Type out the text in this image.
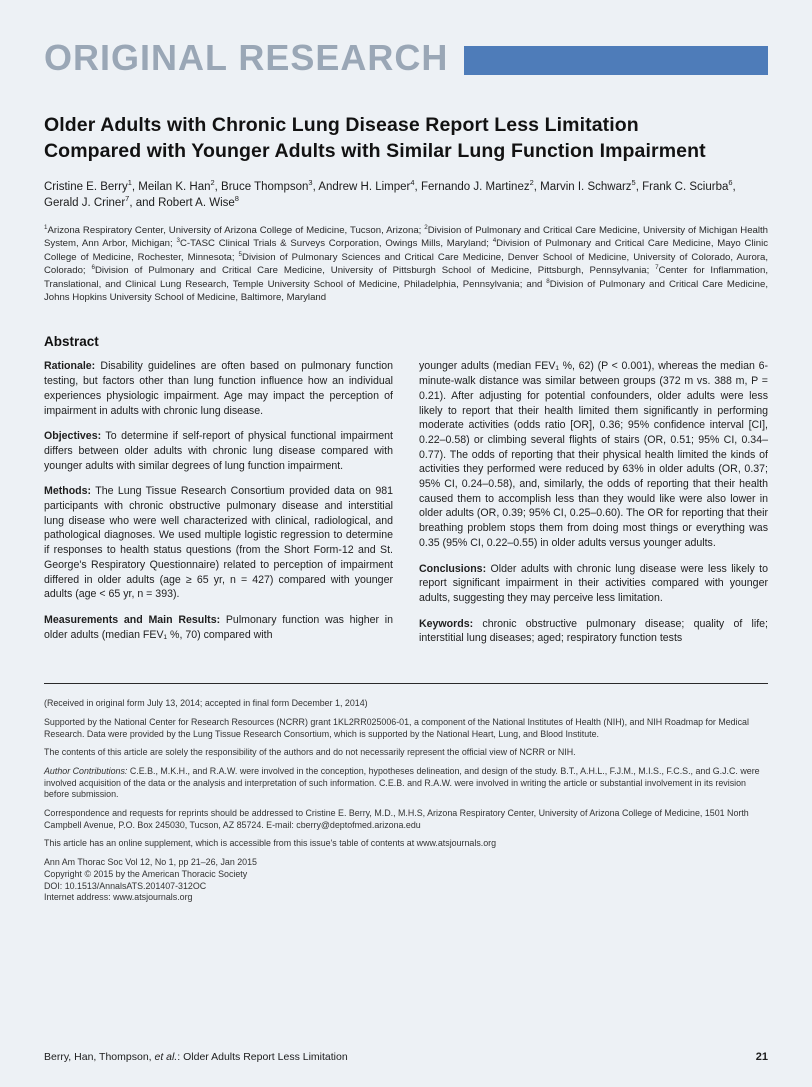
ORIGINAL RESEARCH
Older Adults with Chronic Lung Disease Report Less Limitation
Compared with Younger Adults with Similar Lung Function Impairment
Cristine E. Berry$^1$, Meilan K. Han$^2$, Bruce Thompson$^3$, Andrew H. Limper$^4$, Fernando J. Martinez$^2$, Marvin I. Schwarz$^5$, Frank C. Sciurba$^6$, Gerald J. Criner$^7$, and Robert A. Wise$^8$
$^1$Arizona Respiratory Center, University of Arizona College of Medicine, Tucson, Arizona; $^2$Division of Pulmonary and Critical Care Medicine, University of Michigan Health System, Ann Arbor, Michigan; $^3$C-TASC Clinical Trials & Surveys Corporation, Owings Mills, Maryland; $^4$Division of Pulmonary and Critical Care Medicine, Mayo Clinic College of Medicine, Rochester, Minnesota; $^5$Division of Pulmonary Sciences and Critical Care Medicine, Denver School of Medicine, University of Colorado, Aurora, Colorado; $^6$Division of Pulmonary and Critical Care Medicine, University of Pittsburgh School of Medicine, Pittsburgh, Pennsylvania; $^7$Center for Inflammation, Translational, and Clinical Lung Research, Temple University School of Medicine, Philadelphia, Pennsylvania; and $^8$Division of Pulmonary and Critical Care Medicine, Johns Hopkins University School of Medicine, Baltimore, Maryland
Abstract

Rationale: Disability guidelines are often based on pulmonary function testing, but factors other than lung function influence how an individual experiences physiologic impairment. Age may impact the perception of impairment in adults with chronic lung disease.

Objectives: To determine if self-report of physical functional impairment differs between older adults with chronic lung disease compared with younger adults with similar degrees of lung function impairment.

Methods: The Lung Tissue Research Consortium provided data on 981 participants with chronic obstructive pulmonary disease and interstitial lung disease who were well characterized with clinical, radiological, and pathological diagnoses. We used multiple logistic regression to determine if responses to health status questions (from the Short Form-12 and St. George's Respiratory Questionnaire) related to perception of impairment differed in older adults (age ≥ 65 yr, n = 427) compared with younger adults (age < 65 yr, n = 393).

Measurements and Main Results: Pulmonary function was higher in older adults (median FEV₁ %, 70) compared with

younger adults (median FEV₁ %, 62) (P < 0.001), whereas the median 6-minute-walk distance was similar between groups (372 m vs. 388 m, P = 0.21). After adjusting for potential confounders, older adults were less likely to report that their health limited them significantly in performing moderate activities (odds ratio [OR], 0.36; 95% confidence interval [CI], 0.22–0.58) or climbing several flights of stairs (OR, 0.51; 95% CI, 0.34–0.77). The odds of reporting that their physical health limited the kinds of activities they performed were reduced by 63% in older adults (OR, 0.37; 95% CI, 0.24–0.58), and, similarly, the odds of reporting that their health caused them to accomplish less than they would like were also lower in older adults (OR, 0.39; 95% CI, 0.25–0.60). The OR for reporting that their breathing problem stops them from doing most things or everything was 0.35 (95% CI, 0.22–0.55) in older adults versus younger adults.

Conclusions: Older adults with chronic lung disease were less likely to report significant impairment in their activities compared with younger adults, suggesting they may perceive less limitation.

Keywords: chronic obstructive pulmonary disease; quality of life; interstitial lung diseases; aged; respiratory function tests

(Received in original form July 13, 2014; accepted in final form December 1, 2014)

Supported by the National Center for Research Resources (NCRR) grant 1KL2RR025006-01, a component of the National Institutes of Health (NIH), and NIH Roadmap for Medical Research. Data were provided by the Lung Tissue Research Consortium, which is supported by the National Heart, Lung, and Blood Institute.

The contents of this article are solely the responsibility of the authors and do not necessarily represent the official view of NCRR or NIH.

Author Contributions: C.E.B., M.K.H., and R.A.W. were involved in the conception, hypotheses delineation, and design of the study. B.T., A.H.L., F.J.M., M.I.S., F.C.S., and G.J.C. were involved acquisition of the data or the analysis and interpretation of such information. C.E.B. and R.A.W. were involved in writing the article or substantial involvement in its revision before submission.

Correspondence and requests for reprints should be addressed to Cristine E. Berry, M.D., M.H.S, Arizona Respiratory Center, University of Arizona College of Medicine, 1501 North Campbell Avenue, P.O. Box 245030, Tucson, AZ 85724. E-mail: cberry@deptofmed.arizona.edu

This article has an online supplement, which is accessible from this issue's table of contents at www.atsjournals.org

Ann Am Thorac Soc Vol 12, No 1, pp 21–26, Jan 2015
Copyright © 2015 by the American Thoracic Society
DOI: 10.1513/AnnalsATS.201407-312OC
Internet address: www.atsjournals.org
Berry, Han, Thompson, et al.: Older Adults Report Less Limitation	21
